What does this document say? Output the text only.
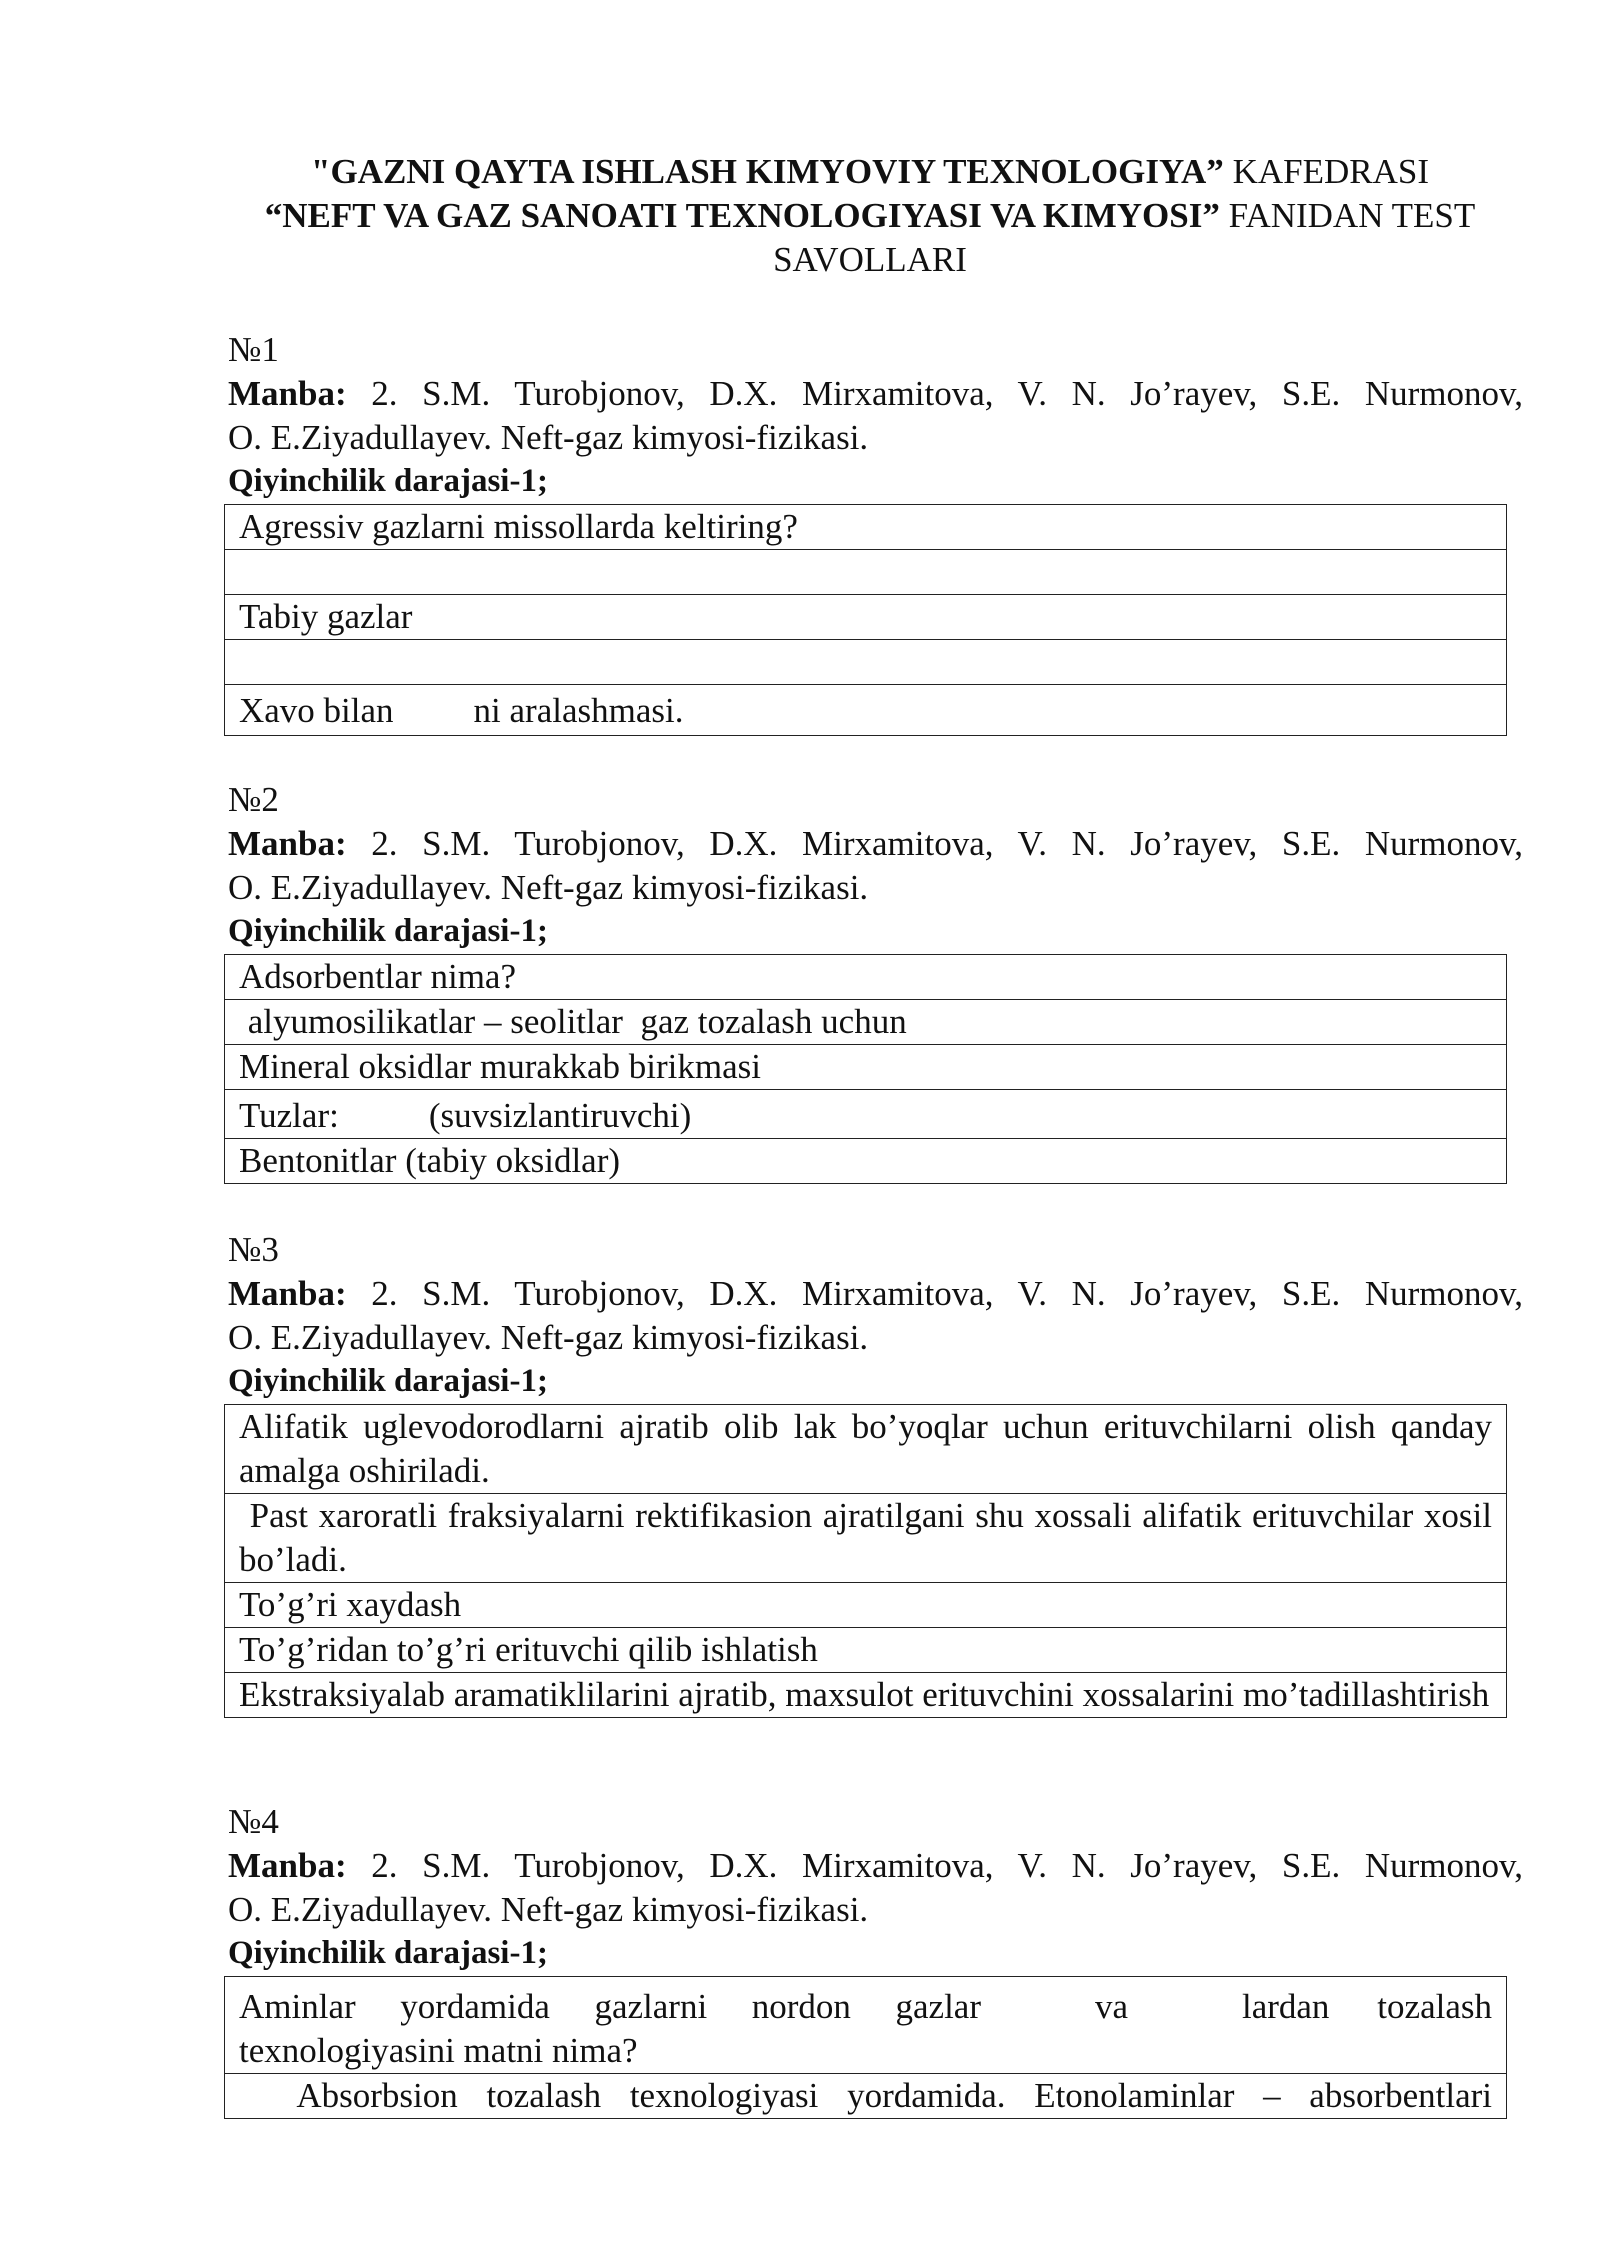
"GAZNI QAYTA ISHLASH KIMYOVIY TEXNOLOGIYA” KAFEDRASI
“NEFT VA GAZ SANOATI TEXNOLOGIYASI VA KIMYOSI” FANIDAN TEST
SAVOLLARI
№1
Manba: 2. S.M. Turobjonov, D.X. Mirxamitova, V. N. Jo’rayev, S.E. Nurmonov,
O. E.Ziyadullayev. Neft-gaz kimyosi-fizikasi.
Qiyinchilik darajasi-1;
Agressiv gazlarni missollarda keltiring?

Tabiy gazlar

Xavo bilan ni aralashmasi.
№2
Manba: 2. S.M. Turobjonov, D.X. Mirxamitova, V. N. Jo’rayev, S.E. Nurmonov,
O. E.Ziyadullayev. Neft-gaz kimyosi-fizikasi.
Qiyinchilik darajasi-1;
Adsorbentlar nima?
alyumosilikatlar – seolitlar  gaz tozalash uchun
Mineral oksidlar murakkab birikmasi
Tuzlar:	(suvsizlantiruvchi)
Bentonitlar (tabiy oksidlar)
№3
Manba: 2. S.M. Turobjonov, D.X. Mirxamitova, V. N. Jo’rayev, S.E. Nurmonov,
O. E.Ziyadullayev. Neft-gaz kimyosi-fizikasi.
Qiyinchilik darajasi-1;
Alifatik uglevodorodlarni ajratib olib lak bo’yoqlar uchun erituvchilarni olish qanday amalga oshiriladi.
Past xaroratli fraksiyalarni rektifikasion ajratilgani shu xossali alifatik erituvchilar xosil bo’ladi.
To’g’ri xaydash
To’g’ridan to’g’ri erituvchi qilib ishlatish
Ekstraksiyalab aramatiklilarini ajratib, maxsulot erituvchini xossalarini mo’tadillashtirish
№4
Manba: 2. S.M. Turobjonov, D.X. Mirxamitova, V. N. Jo’rayev, S.E. Nurmonov,
O. E.Ziyadullayev. Neft-gaz kimyosi-fizikasi.
Qiyinchilik darajasi-1;
Aminlar yordamida gazlarni nordon gazlar	va	lardan tozalash
texnologiyasini matni nima?

Absorbsion tozalash texnologiyasi yordamida. Etonolaminlar – absorbentlari
